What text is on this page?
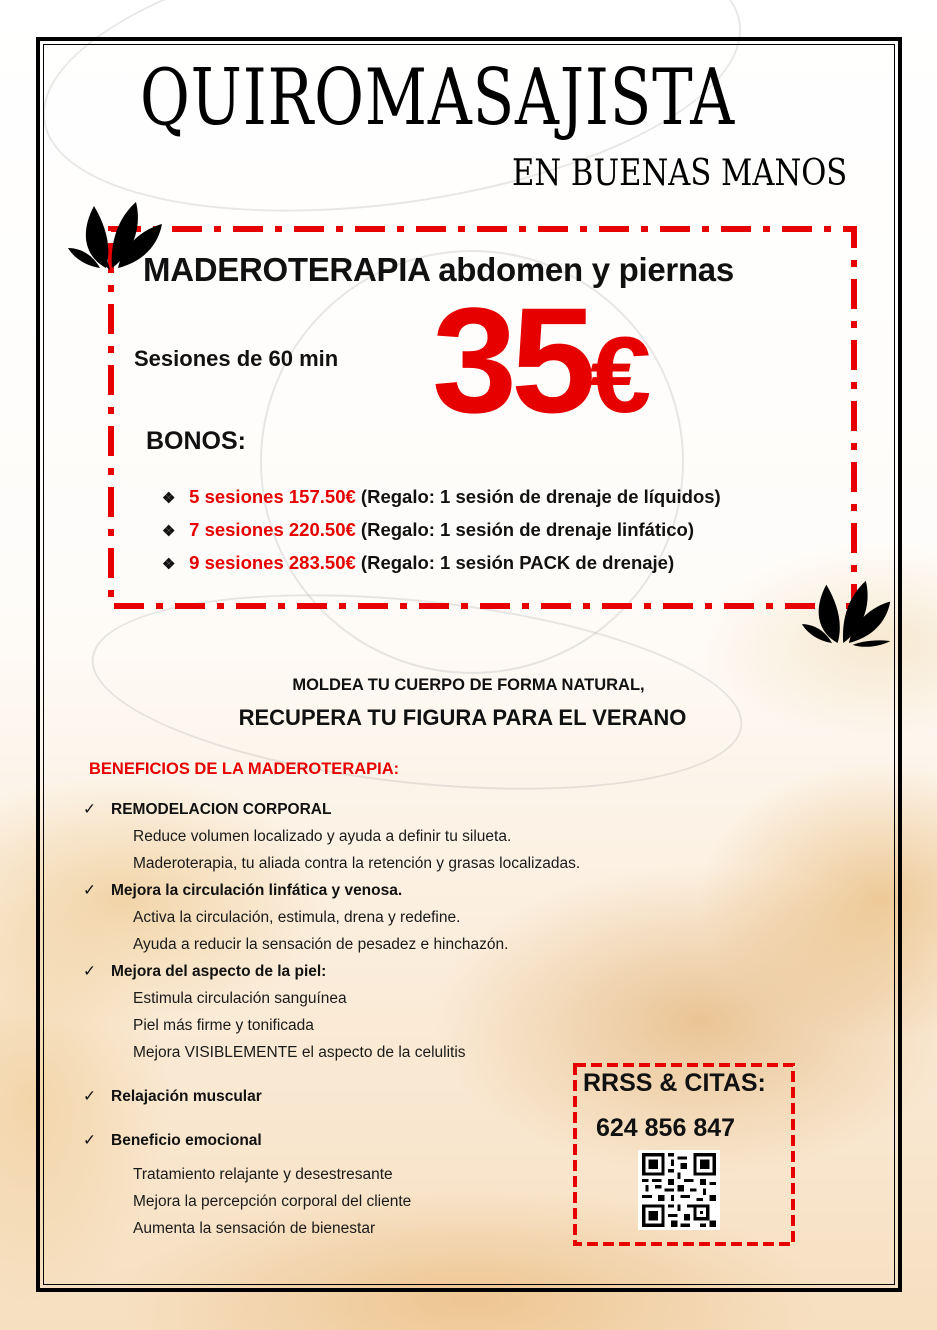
QUIROMASAJISTA
EN BUENAS MANOS
MADEROTERAPIA abdomen y piernas
Sesiones de 60 min 35€
BONOS:
❖ 5 sesiones 157.50€ (Regalo: 1 sesión de drenaje de líquidos)
❖ 7 sesiones 220.50€ (Regalo: 1 sesión de drenaje linfático)
❖ 9 sesiones 283.50€ (Regalo: 1 sesión PACK de drenaje)
MOLDEA TU CUERPO DE FORMA NATURAL,
RECUPERA TU FIGURA PARA EL VERANO
BENEFICIOS DE LA MADEROTERAPIA:
✓ REMODELACION CORPORAL
Reduce volumen localizado y ayuda a definir tu silueta.
Maderoterapia, tu aliada contra la retención y grasas localizadas.
✓ Mejora la circulación linfática y venosa.
Activa la circulación, estimula, drena y redefine.
Ayuda a reducir la sensación de pesadez e hinchazón.
✓ Mejora del aspecto de la piel:
Estimula circulación sanguínea
Piel más firme y tonificada
Mejora VISIBLEMENTE el aspecto de la celulitis
✓ Relajación muscular
✓ Beneficio emocional
Tratamiento relajante y desestresante
Mejora la percepción corporal del cliente
Aumenta la sensación de bienestar
RRSS & CITAS:
624 856 847
